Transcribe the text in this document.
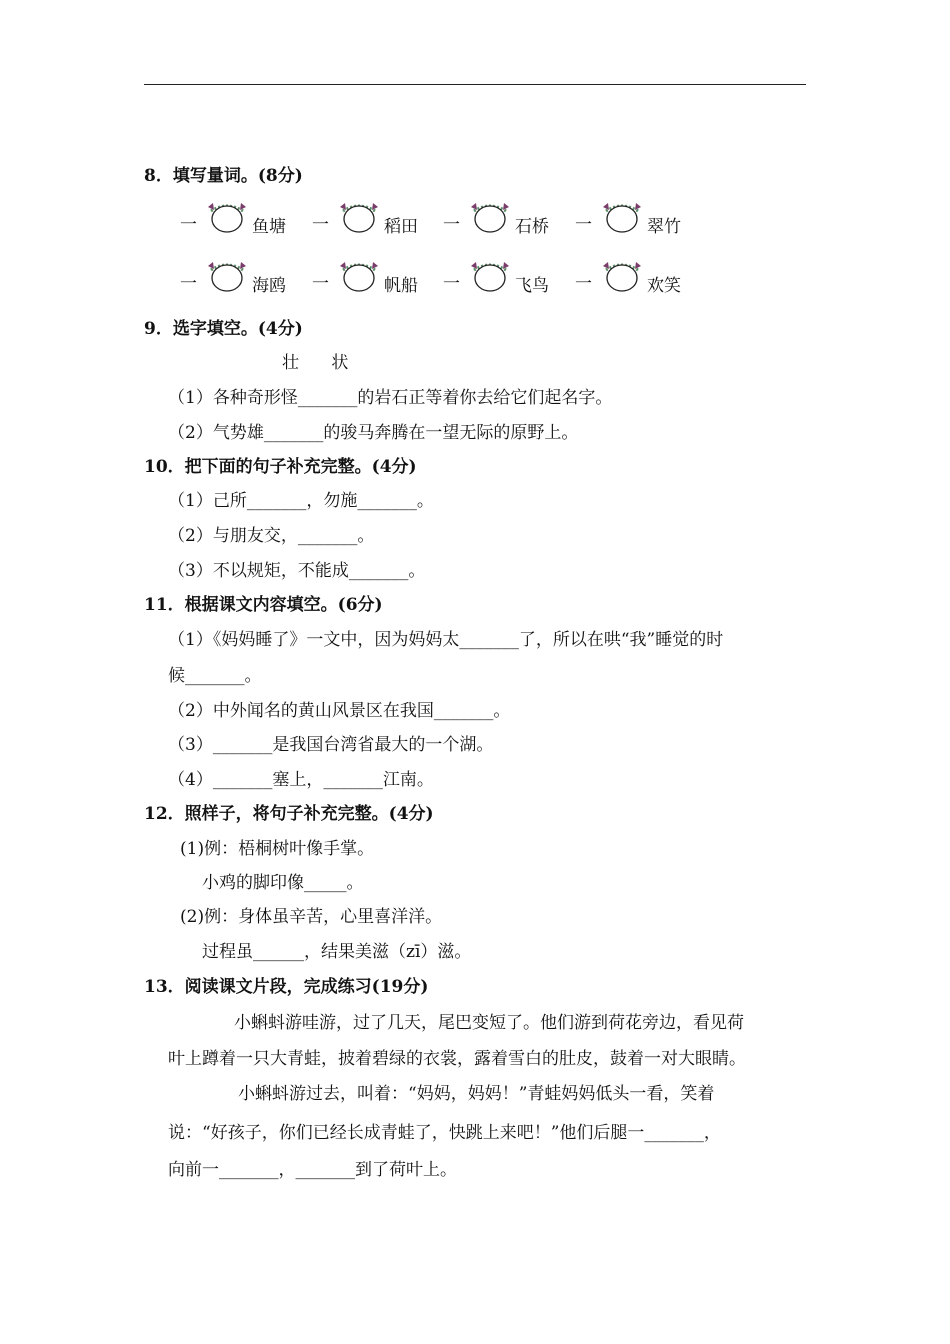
8．填写量词。(8分)
一	鱼塘 一	稻田 一	石桥 一	翠竹
一	海鸥 一	帆船 一	飞鸟 一	欢笑
9．选字填空。(4分)
壮      状
（1）各种奇形怪_______的岩石正等着你去给它们起名字。
（2）气势雄_______的骏马奔腾在一望无际的原野上。
10．把下面的句子补充完整。(4分)
（1）己所_______，勿施_______。
（2）与朋友交，_______。
（3）不以规矩，不能成_______。
11．根据课文内容填空。(6分)
（1）《妈妈睡了》一文中，因为妈妈太_______了，所以在哄“我”睡觉的时
候_______。
（2）中外闻名的黄山风景区在我国_______。
（3）_______是我国台湾省最大的一个湖。
（4）_______塞上，_______江南。
12．照样子，将句子补充完整。(4分)
(1)例：梧桐树叶像手掌。
小鸡的脚印像_____。
(2)例：身体虽辛苦，心里喜洋洋。
过程虽______，结果美滋（zī）滋。
13．阅读课文片段，完成练习(19分)
小蝌蚪游哇游，过了几天，尾巴变短了。他们游到荷花旁边，看见荷
叶上蹲着一只大青蛙，披着碧绿的衣裳，露着雪白的肚皮，鼓着一对大眼睛。
小蝌蚪游过去，叫着：“妈妈，妈妈！”青蛙妈妈低头一看，笑着
说：“好孩子，你们已经长成青蛙了，快跳上来吧！”他们后腿一_______，
向前一_______，_______到了荷叶上。
